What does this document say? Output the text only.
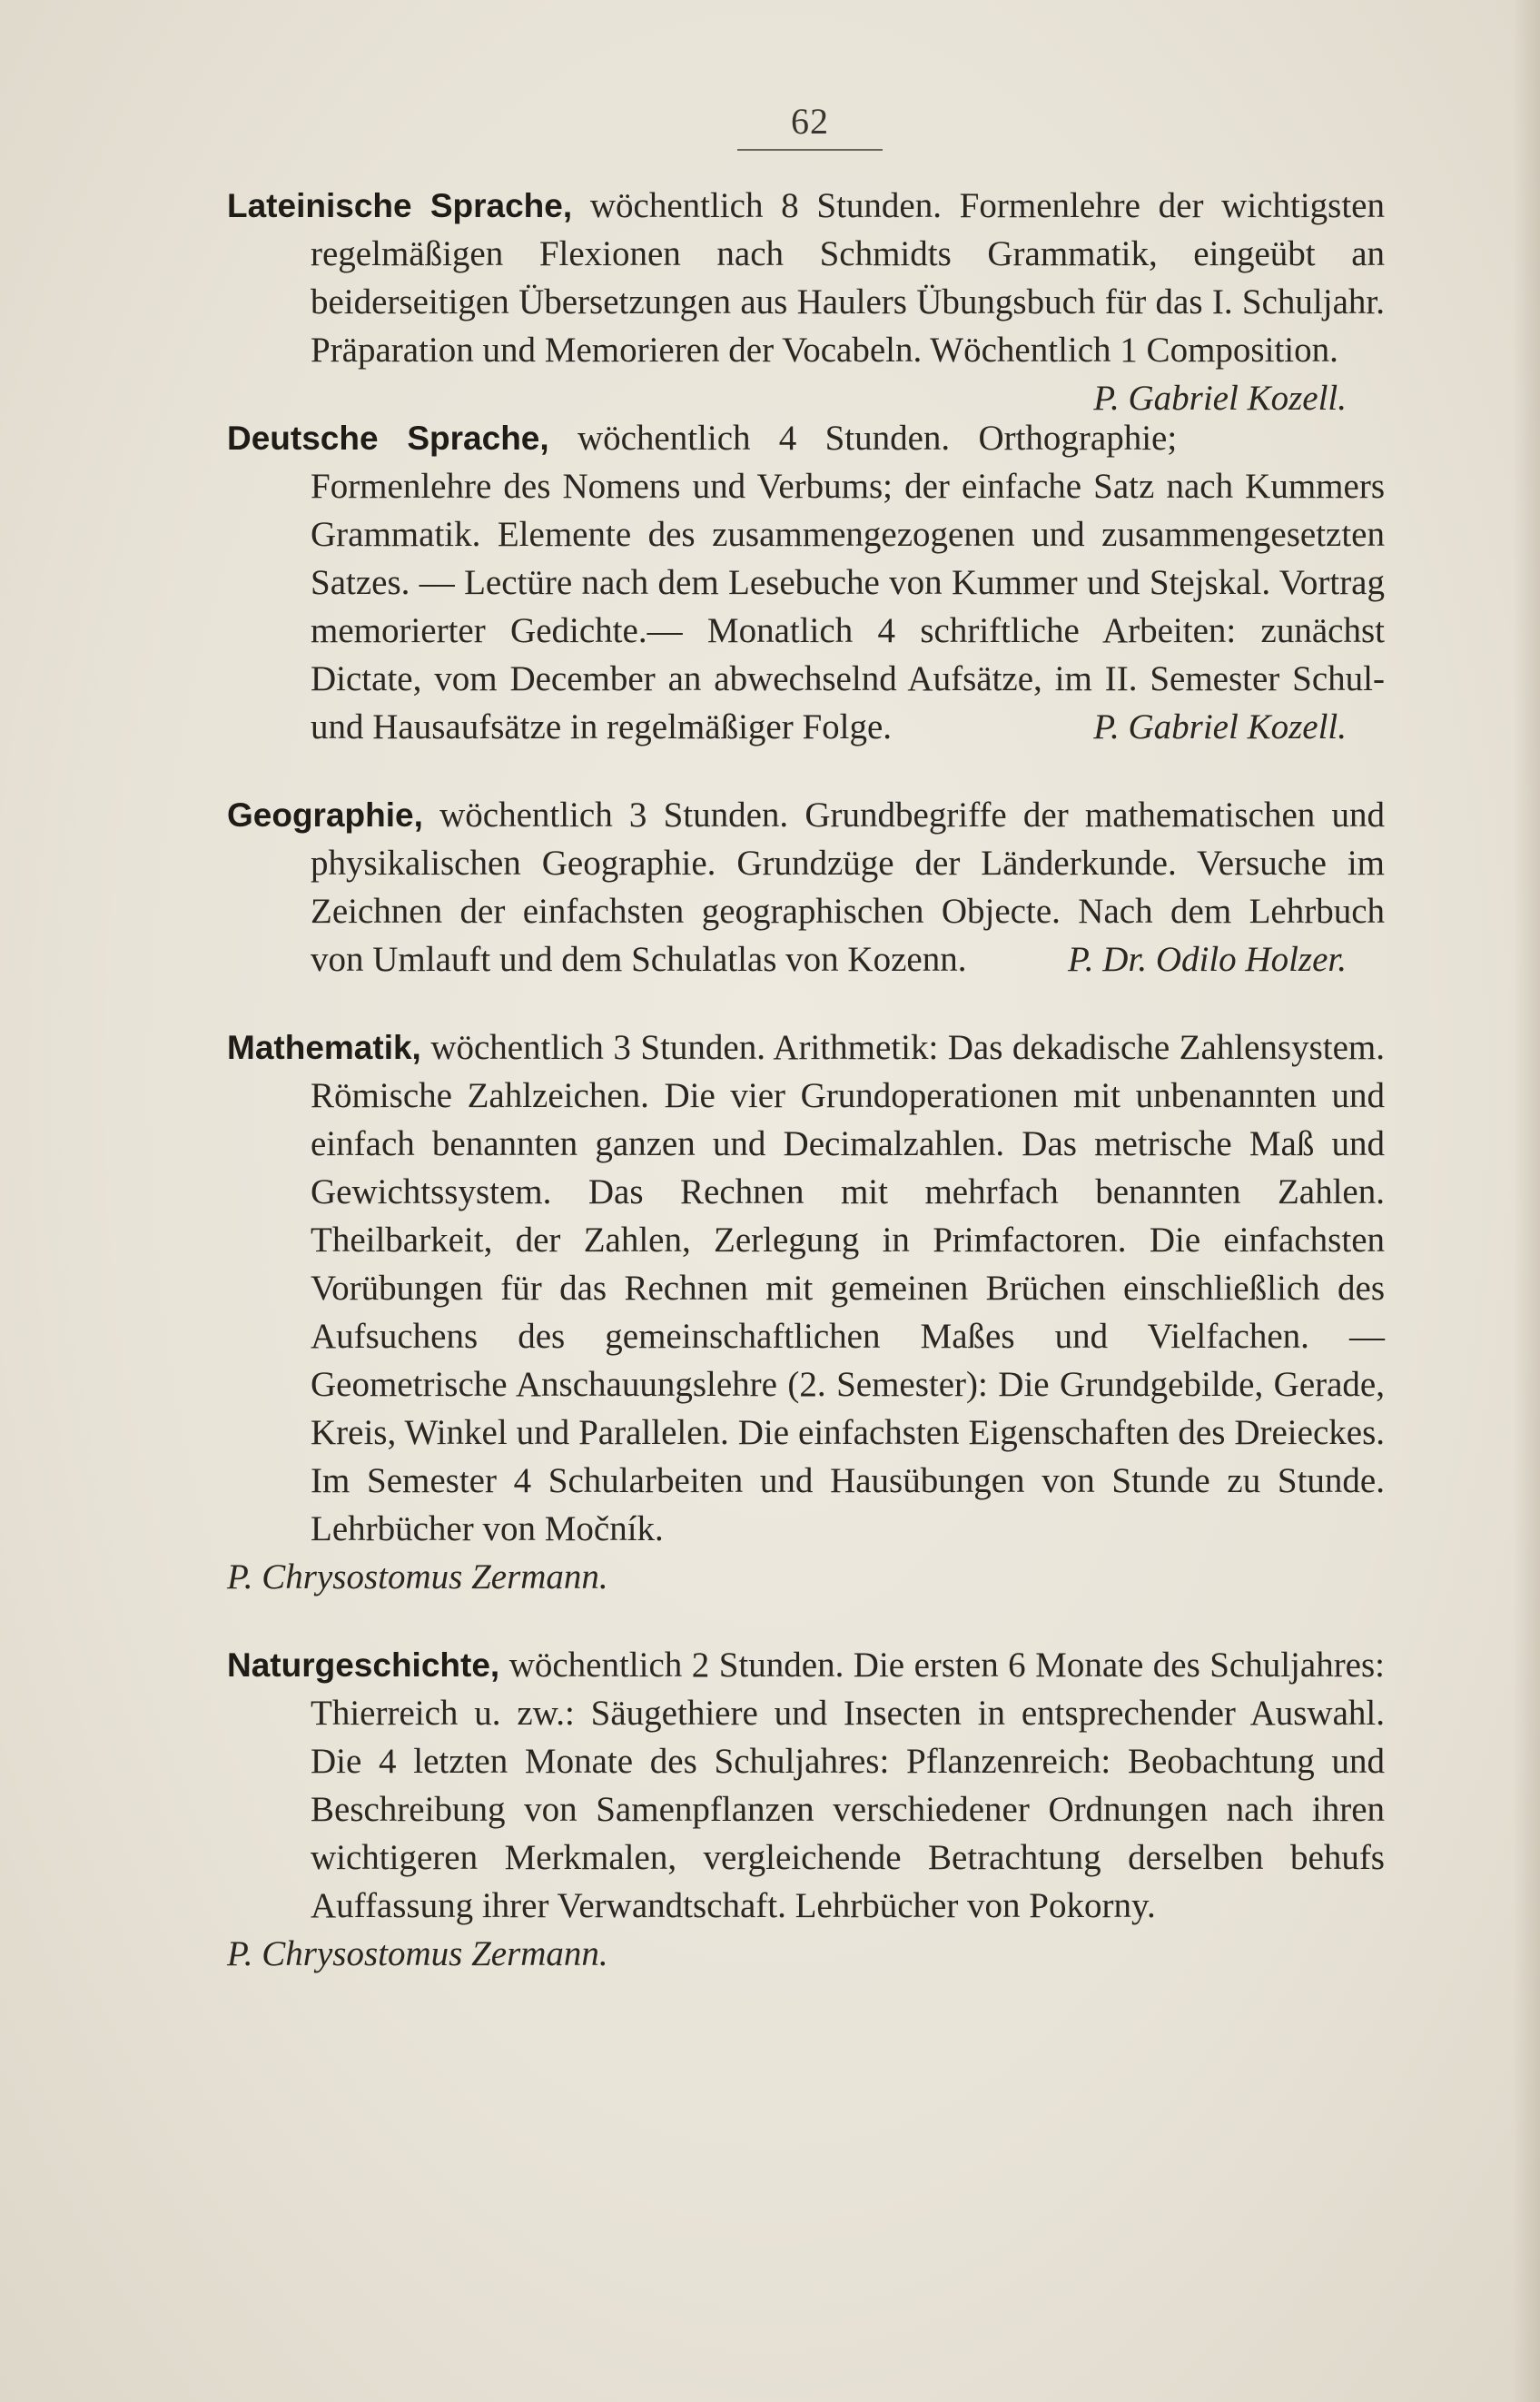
62

Lateinische Sprache, wöchentlich 8 Stunden. Formenlehre der wichtigsten regelmäßigen Flexionen nach Schmidts Grammatik, eingeübt an beiderseitigen Übersetzungen aus Haulers Übungsbuch für das I. Schuljahr. Präparation und Memorieren der Vocabeln. Wöchentlich 1 Composition.
P. Gabriel Kozell.

Deutsche Sprache, wöchentlich 4 Stunden. Orthographie; Formenlehre des Nomens und Verbums; der einfache Satz nach Kummers Grammatik. Elemente des zusammengezogenen und zusammengesetzten Satzes. — Lectüre nach dem Lesebuche von Kummer und Stejskal. Vortrag memorierter Gedichte.— Monatlich 4 schriftliche Arbeiten: zunächst Dictate, vom December an abwechselnd Aufsätze, im II. Semester Schul- und Hausaufsätze in regelmäßiger Folge.	P. Gabriel Kozell.

Geographie, wöchentlich 3 Stunden. Grundbegriffe der mathematischen und physikalischen Geographie. Grundzüge der Länderkunde. Versuche im Zeichnen der einfachsten geographischen Objecte. Nach dem Lehrbuch von Umlauft und dem Schulatlas von Kozenn.	P. Dr. Odilo Holzer.

Mathematik, wöchentlich 3 Stunden. Arithmetik: Das dekadische Zahlensystem. Römische Zahlzeichen. Die vier Grundoperationen mit unbenannten und einfach benannten ganzen und Decimalzahlen. Das metrische Maß und Gewichtssystem. Das Rechnen mit mehrfach benannten Zahlen. Theilbarkeit, der Zahlen, Zerlegung in Primfactoren. Die einfachsten Vorübungen für das Rechnen mit gemeinen Brüchen einschließlich des Aufsuchens des gemeinschaftlichen Maßes und Vielfachen. — Geometrische Anschauungslehre (2. Semester): Die Grundgebilde, Gerade, Kreis, Winkel und Parallelen. Die einfachsten Eigenschaften des Dreieckes. Im Semester 4 Schularbeiten und Hausübungen von Stunde zu Stunde. Lehrbücher von Močník.

P. Chrysostomus Zermann.

Naturgeschichte, wöchentlich 2 Stunden. Die ersten 6 Monate des Schuljahres: Thierreich u. zw.: Säugethiere und Insecten in entsprechender Auswahl. Die 4 letzten Monate des Schuljahres: Pflanzenreich: Beobachtung und Beschreibung von Samenpflanzen verschiedener Ordnungen nach ihren wichtigeren Merkmalen, vergleichende Betrachtung derselben behufs Auffassung ihrer Verwandtschaft. Lehrbücher von Pokorny.

P. Chrysostomus Zermann.
